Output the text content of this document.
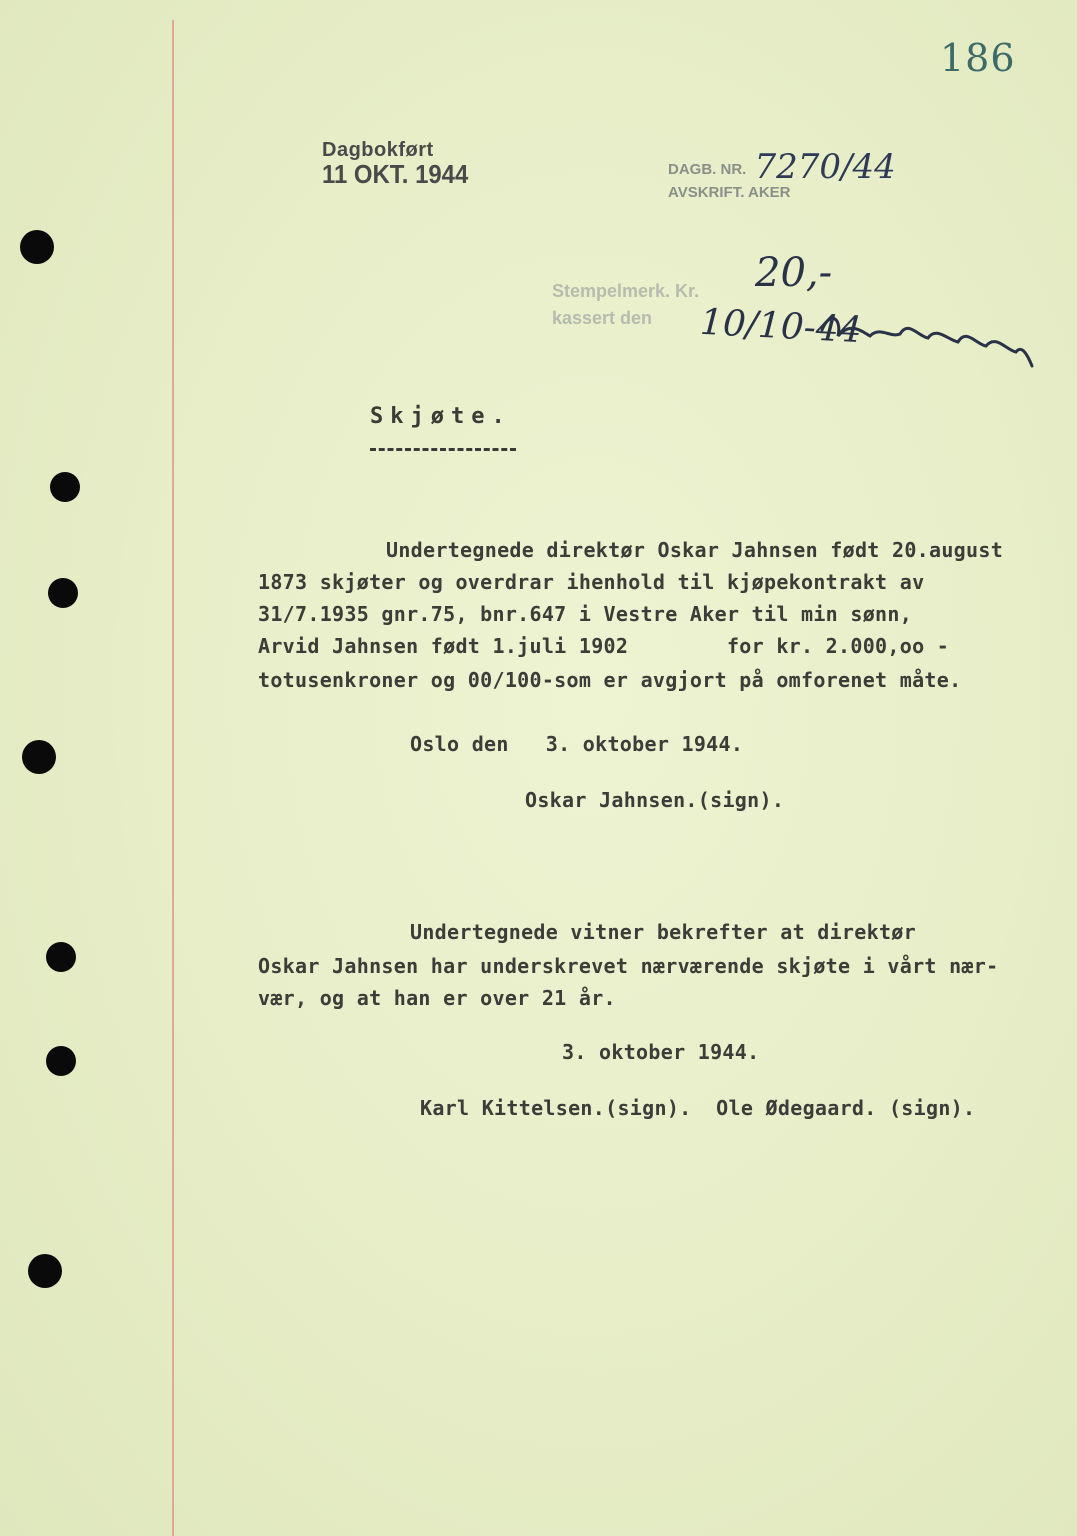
186
Dagbokført
11 OKT. 1944	DAGB. NR. 7270/44
AVSKRIFT. AKER
Stempelmerk. Kr.
kassert den
20,-
10/10-44
Skjøte.
Undertegnede direktør Oskar Jahnsen født 20.august
1873 skjøter og overdrar ihenhold til kjøpekontrakt av
31/7.1935 gnr.75, bnr.647 i Vestre Aker til min sønn,
Arvid Jahnsen født 1.juli 1902        for kr. 2.000,oo -
totusenkroner og 00/100-som er avgjort på omforenet måte.
Oslo den   3. oktober 1944.
Oskar Jahnsen.(sign).
Undertegnede vitner bekrefter at direktør
Oskar Jahnsen har underskrevet nærværende skjøte i vårt nær-
vær, og at han er over 21 år.
3. oktober 1944.
Karl Kittelsen.(sign).  Ole Ødegaard. (sign).
